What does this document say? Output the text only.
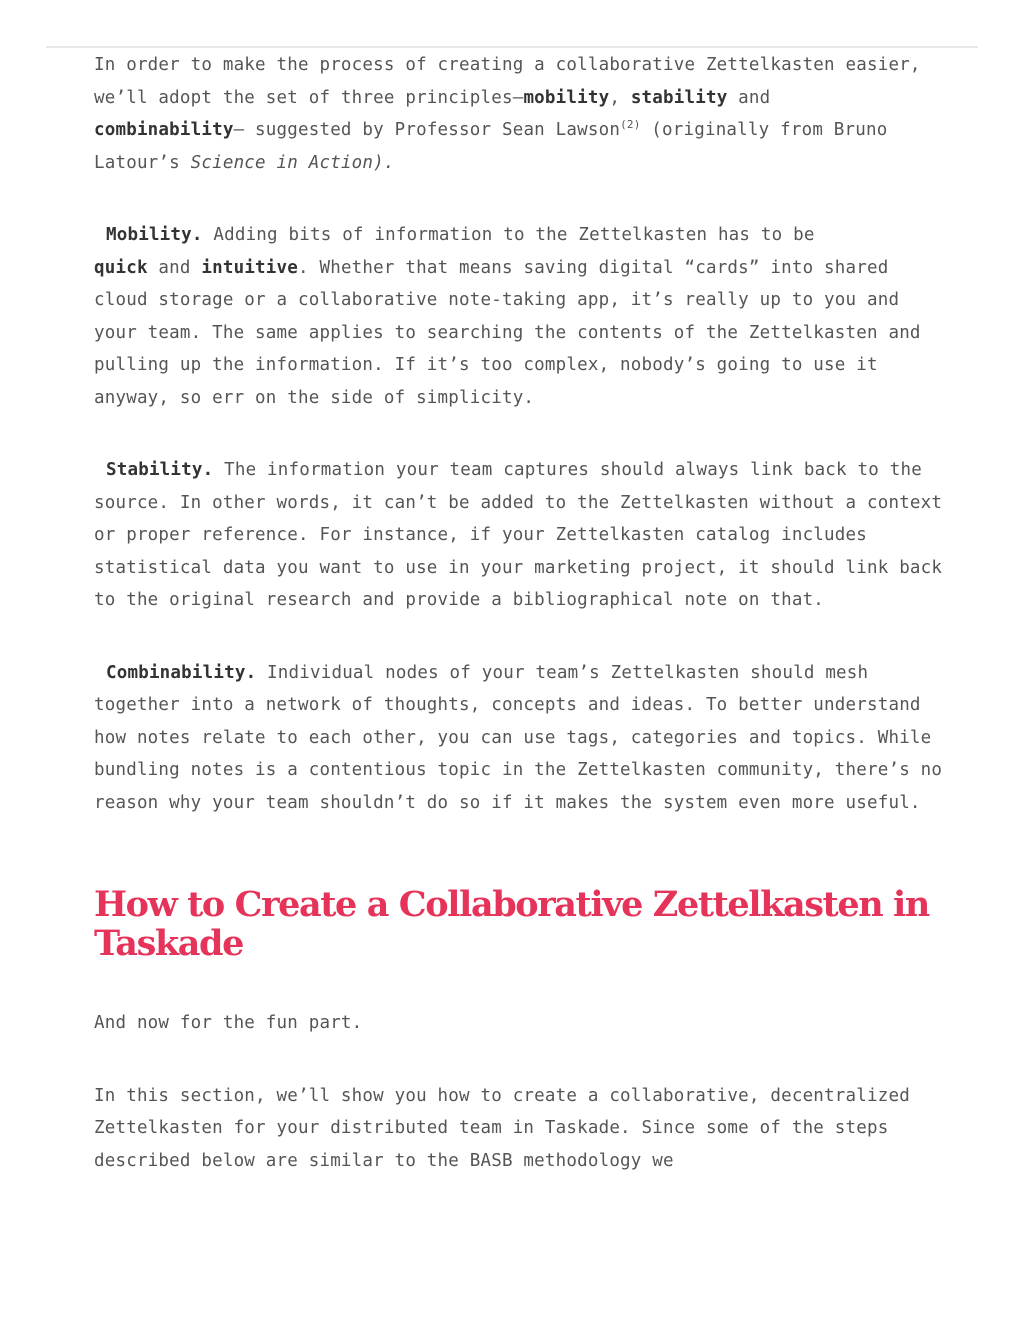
In order to make the process of creating a collaborative Zettelkasten easier, we’ll adopt the set of three principles—mobility, stability and
combinability— suggested by Professor Sean Lawson$^{(2)}$ (originally from Bruno Latour’s Science in Action).

Mobility. Adding bits of information to the Zettelkasten has to be
quick and intuitive. Whether that means saving digital “cards” into shared cloud storage or a collaborative note-taking app, it’s really up to you and your team. The same applies to searching the contents of the Zettelkasten and pulling up the information. If it’s too complex, nobody’s going to use it anyway, so err on the side of simplicity.

Stability. The information your team captures should always link back to the source. In other words, it can’t be added to the Zettelkasten without a context or proper reference. For instance, if your Zettelkasten catalog includes statistical data you want to use in your marketing project, it should link back to the original research and provide a bibliographical note on that.

Combinability. Individual nodes of your team’s Zettelkasten should mesh together into a network of thoughts, concepts and ideas. To better understand how notes relate to each other, you can use tags, categories and topics. While bundling notes is a contentious topic in the Zettelkasten community, there’s no reason why your team shouldn’t do so if it makes the system even more useful.

How to Create a Collaborative Zettelkasten in Taskade

And now for the fun part.

In this section, we’ll show you how to create a collaborative, decentralized Zettelkasten for your distributed team in Taskade. Since some of the steps described below are similar to the BASB methodology we
